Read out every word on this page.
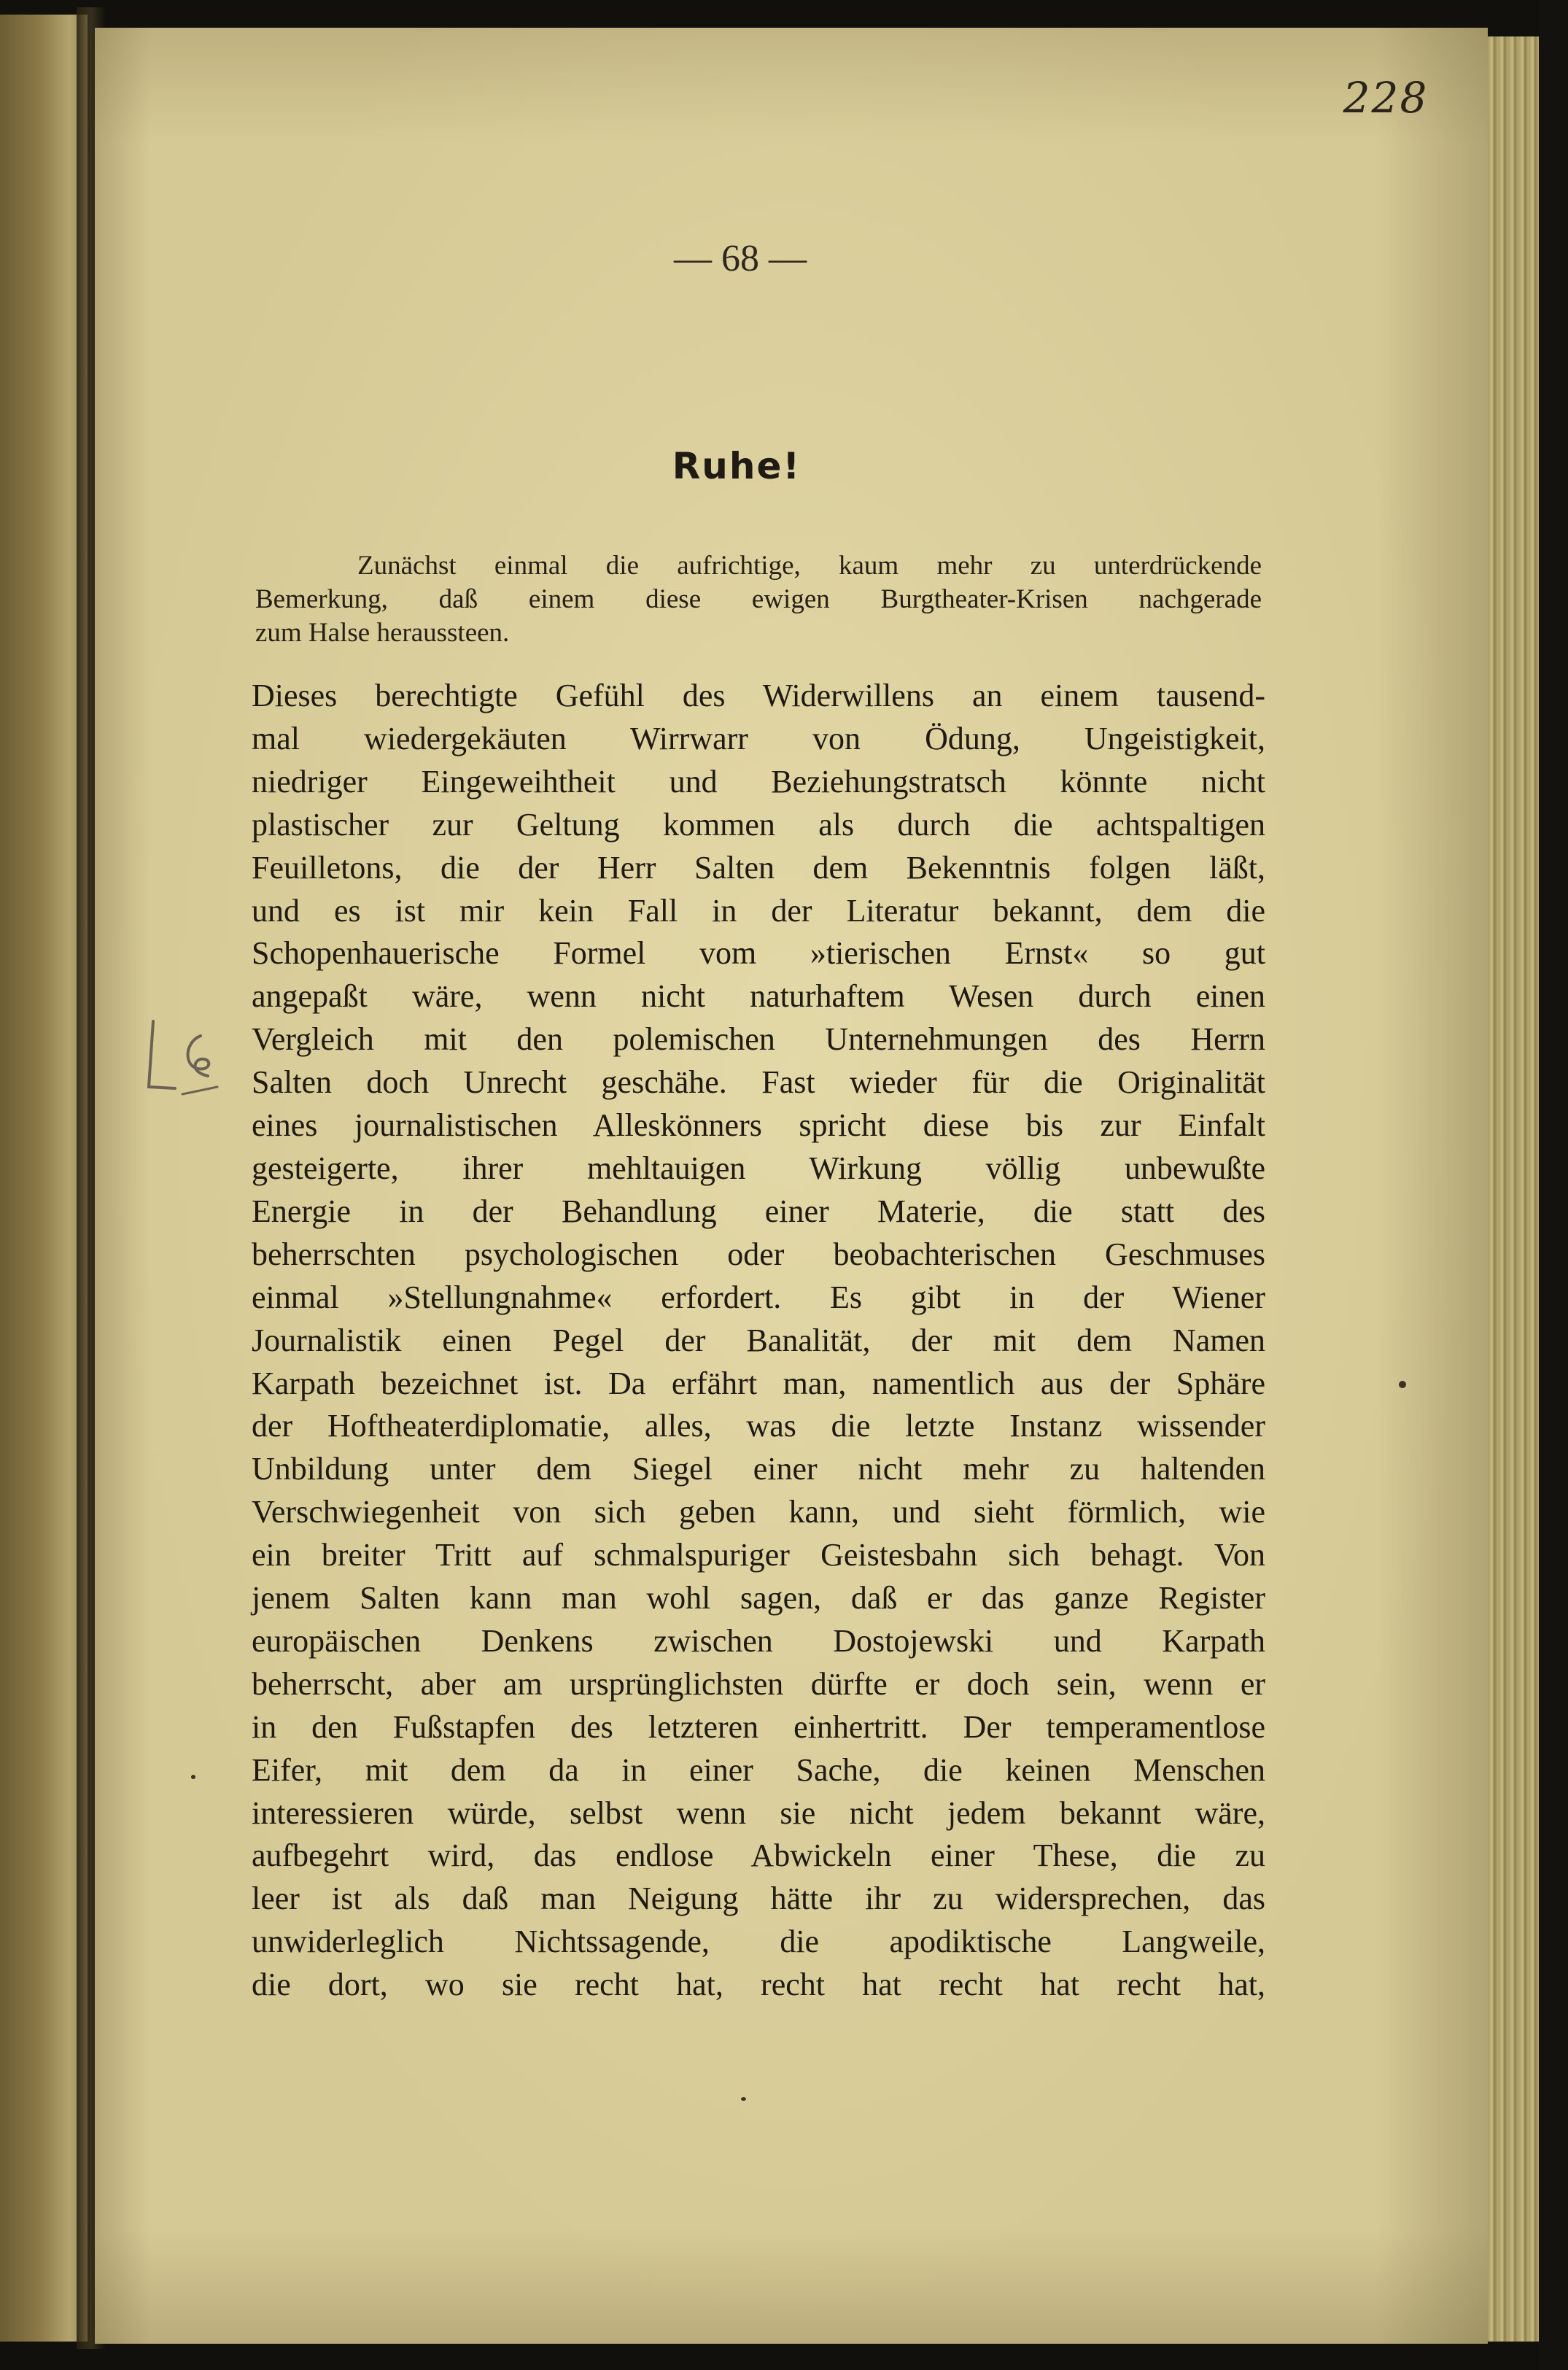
228
— 68 —
Ruhe!
Zunächst einmal die aufrichtige, kaum mehr zu unterdrückende
Bemerkung, daß einem diese ewigen Burgtheater-Krisen nachgerade
zum Halse heraussteen.
Dieses berechtigte Gefühl des Widerwillens an einem tausend-
mal wiedergekäuten Wirrwarr von Ödung, Ungeistigkeit,
niedriger Eingeweihtheit und Beziehungstratsch könnte nicht
plastischer zur Geltung kommen als durch die achtspaltigen
Feuilletons, die der Herr Salten dem Bekenntnis folgen läßt,
und es ist mir kein Fall in der Literatur bekannt, dem die
Schopenhauerische Formel vom »tierischen Ernst« so gut
angepaßt wäre, wenn nicht naturhaftem Wesen durch einen
Vergleich mit den polemischen Unternehmungen des Herrn
Salten doch Unrecht geschähe. Fast wieder für die Originalität
eines journalistischen Alleskönners spricht diese bis zur Einfalt
gesteigerte, ihrer mehltauigen Wirkung völlig unbewußte
Energie in der Behandlung einer Materie, die statt des
beherrschten psychologischen oder beobachterischen Geschmuses
einmal »Stellungnahme« erfordert. Es gibt in der Wiener
Journalistik einen Pegel der Banalität, der mit dem Namen
Karpath bezeichnet ist. Da erfährt man, namentlich aus der Sphäre
der Hoftheaterdiplomatie, alles, was die letzte Instanz wissender
Unbildung unter dem Siegel einer nicht mehr zu haltenden
Verschwiegenheit von sich geben kann, und sieht förmlich, wie
ein breiter Tritt auf schmalspuriger Geistesbahn sich behagt. Von
jenem Salten kann man wohl sagen, daß er das ganze Register
europäischen Denkens zwischen Dostojewski und Karpath
beherrscht, aber am ursprünglichsten dürfte er doch sein, wenn er
in den Fußstapfen des letzteren einhertritt. Der temperamentlose
Eifer, mit dem da in einer Sache, die keinen Menschen
interessieren würde, selbst wenn sie nicht jedem bekannt wäre,
aufbegehrt wird, das endlose Abwickeln einer These, die zu
leer ist als daß man Neigung hätte ihr zu widersprechen, das
unwiderleglich Nichtssagende, die apodiktische Langweile,
die dort, wo sie recht hat, recht hat recht hat recht hat,
